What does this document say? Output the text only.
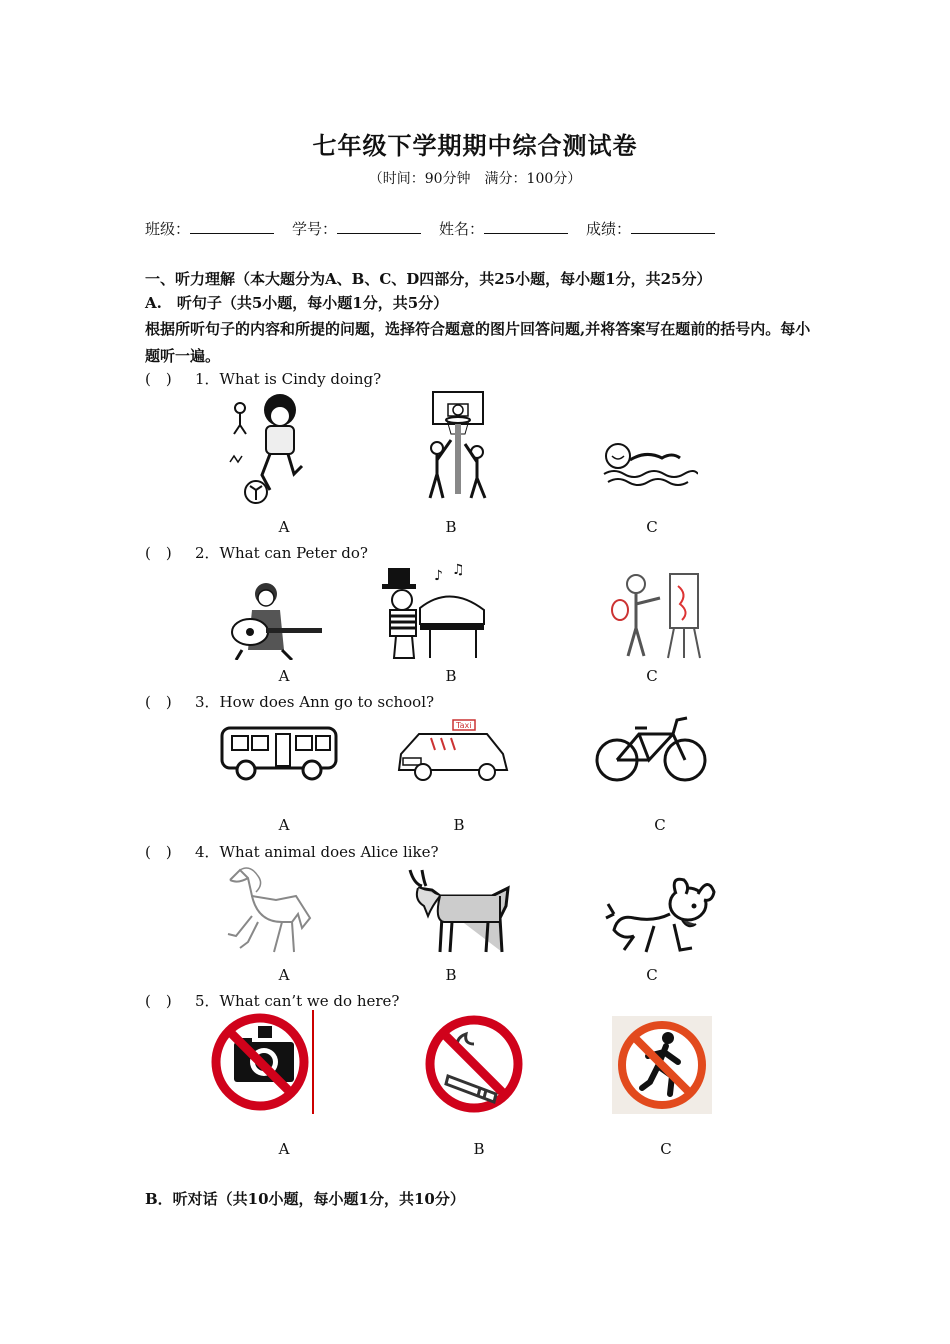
七年级下学期期中综合测试卷
（时间：90分钟　满分：100分）
班级：	学号：	姓名：	成绩：
一、听力理解（本大题分为A、B、C、D四部分，共25小题，每小题1分，共25分）
A.　听句子（共5小题，每小题1分，共5分）
根据所听句子的内容和所提的问题，选择符合题意的图片回答问题,并将答案写在题前的括号内。每小题听一遍。
(　) 1．What is Cindy doing?
A	B	C
(　) 2．What can Peter do?
♪ ♫
A	B	C
(　) 3．How does Ann go to school?
Taxi
A	B	C
(　) 4．What animal does Alice like?
A	B	C
(　) 5．What can’t we do here?
A	B	C
B．听对话（共10小题，每小题1分，共10分）
